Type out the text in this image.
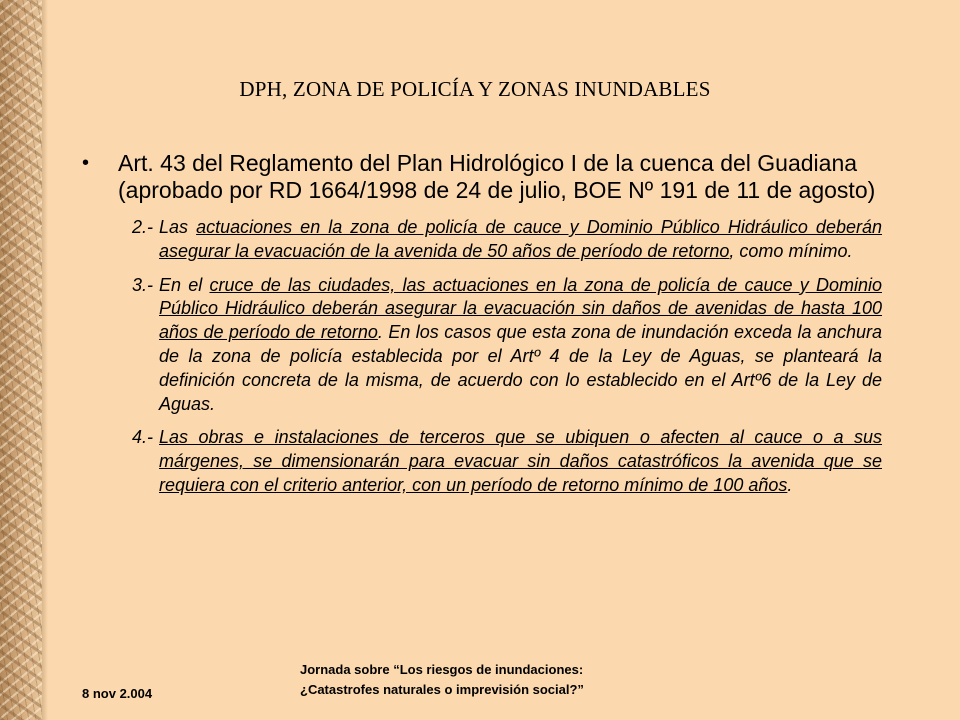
DPH, ZONA DE POLICÍA Y ZONAS INUNDABLES
• Art. 43 del Reglamento del Plan Hidrológico I de la cuenca del Guadiana (aprobado por RD 1664/1998 de 24 de julio, BOE Nº 191 de 11 de agosto)
2.- Las actuaciones en la zona de policía de cauce y Dominio Público Hidráulico deberán asegurar la evacuación de la avenida de 50 años de período de retorno, como mínimo.
3.- En el cruce de las ciudades, las actuaciones en la zona de policía de cauce y Dominio Público Hidráulico deberán asegurar la evacuación sin daños de avenidas de hasta 100 años de período de retorno. En los casos que esta zona de inundación exceda la anchura de la zona de policía establecida por el Artº 4 de la Ley de Aguas, se planteará la definición concreta de la misma, de acuerdo con lo establecido en el Artº6 de la Ley de Aguas.
4.- Las obras e instalaciones de terceros que se ubiquen o afecten al cauce o a sus márgenes, se dimensionarán para evacuar sin daños catastróficos la avenida que se requiera con el criterio anterior, con un período de retorno mínimo de 100 años.
8 nov 2.004
Jornada sobre “Los riesgos de inundaciones:
¿Catastrofes naturales o imprevisión social?”
